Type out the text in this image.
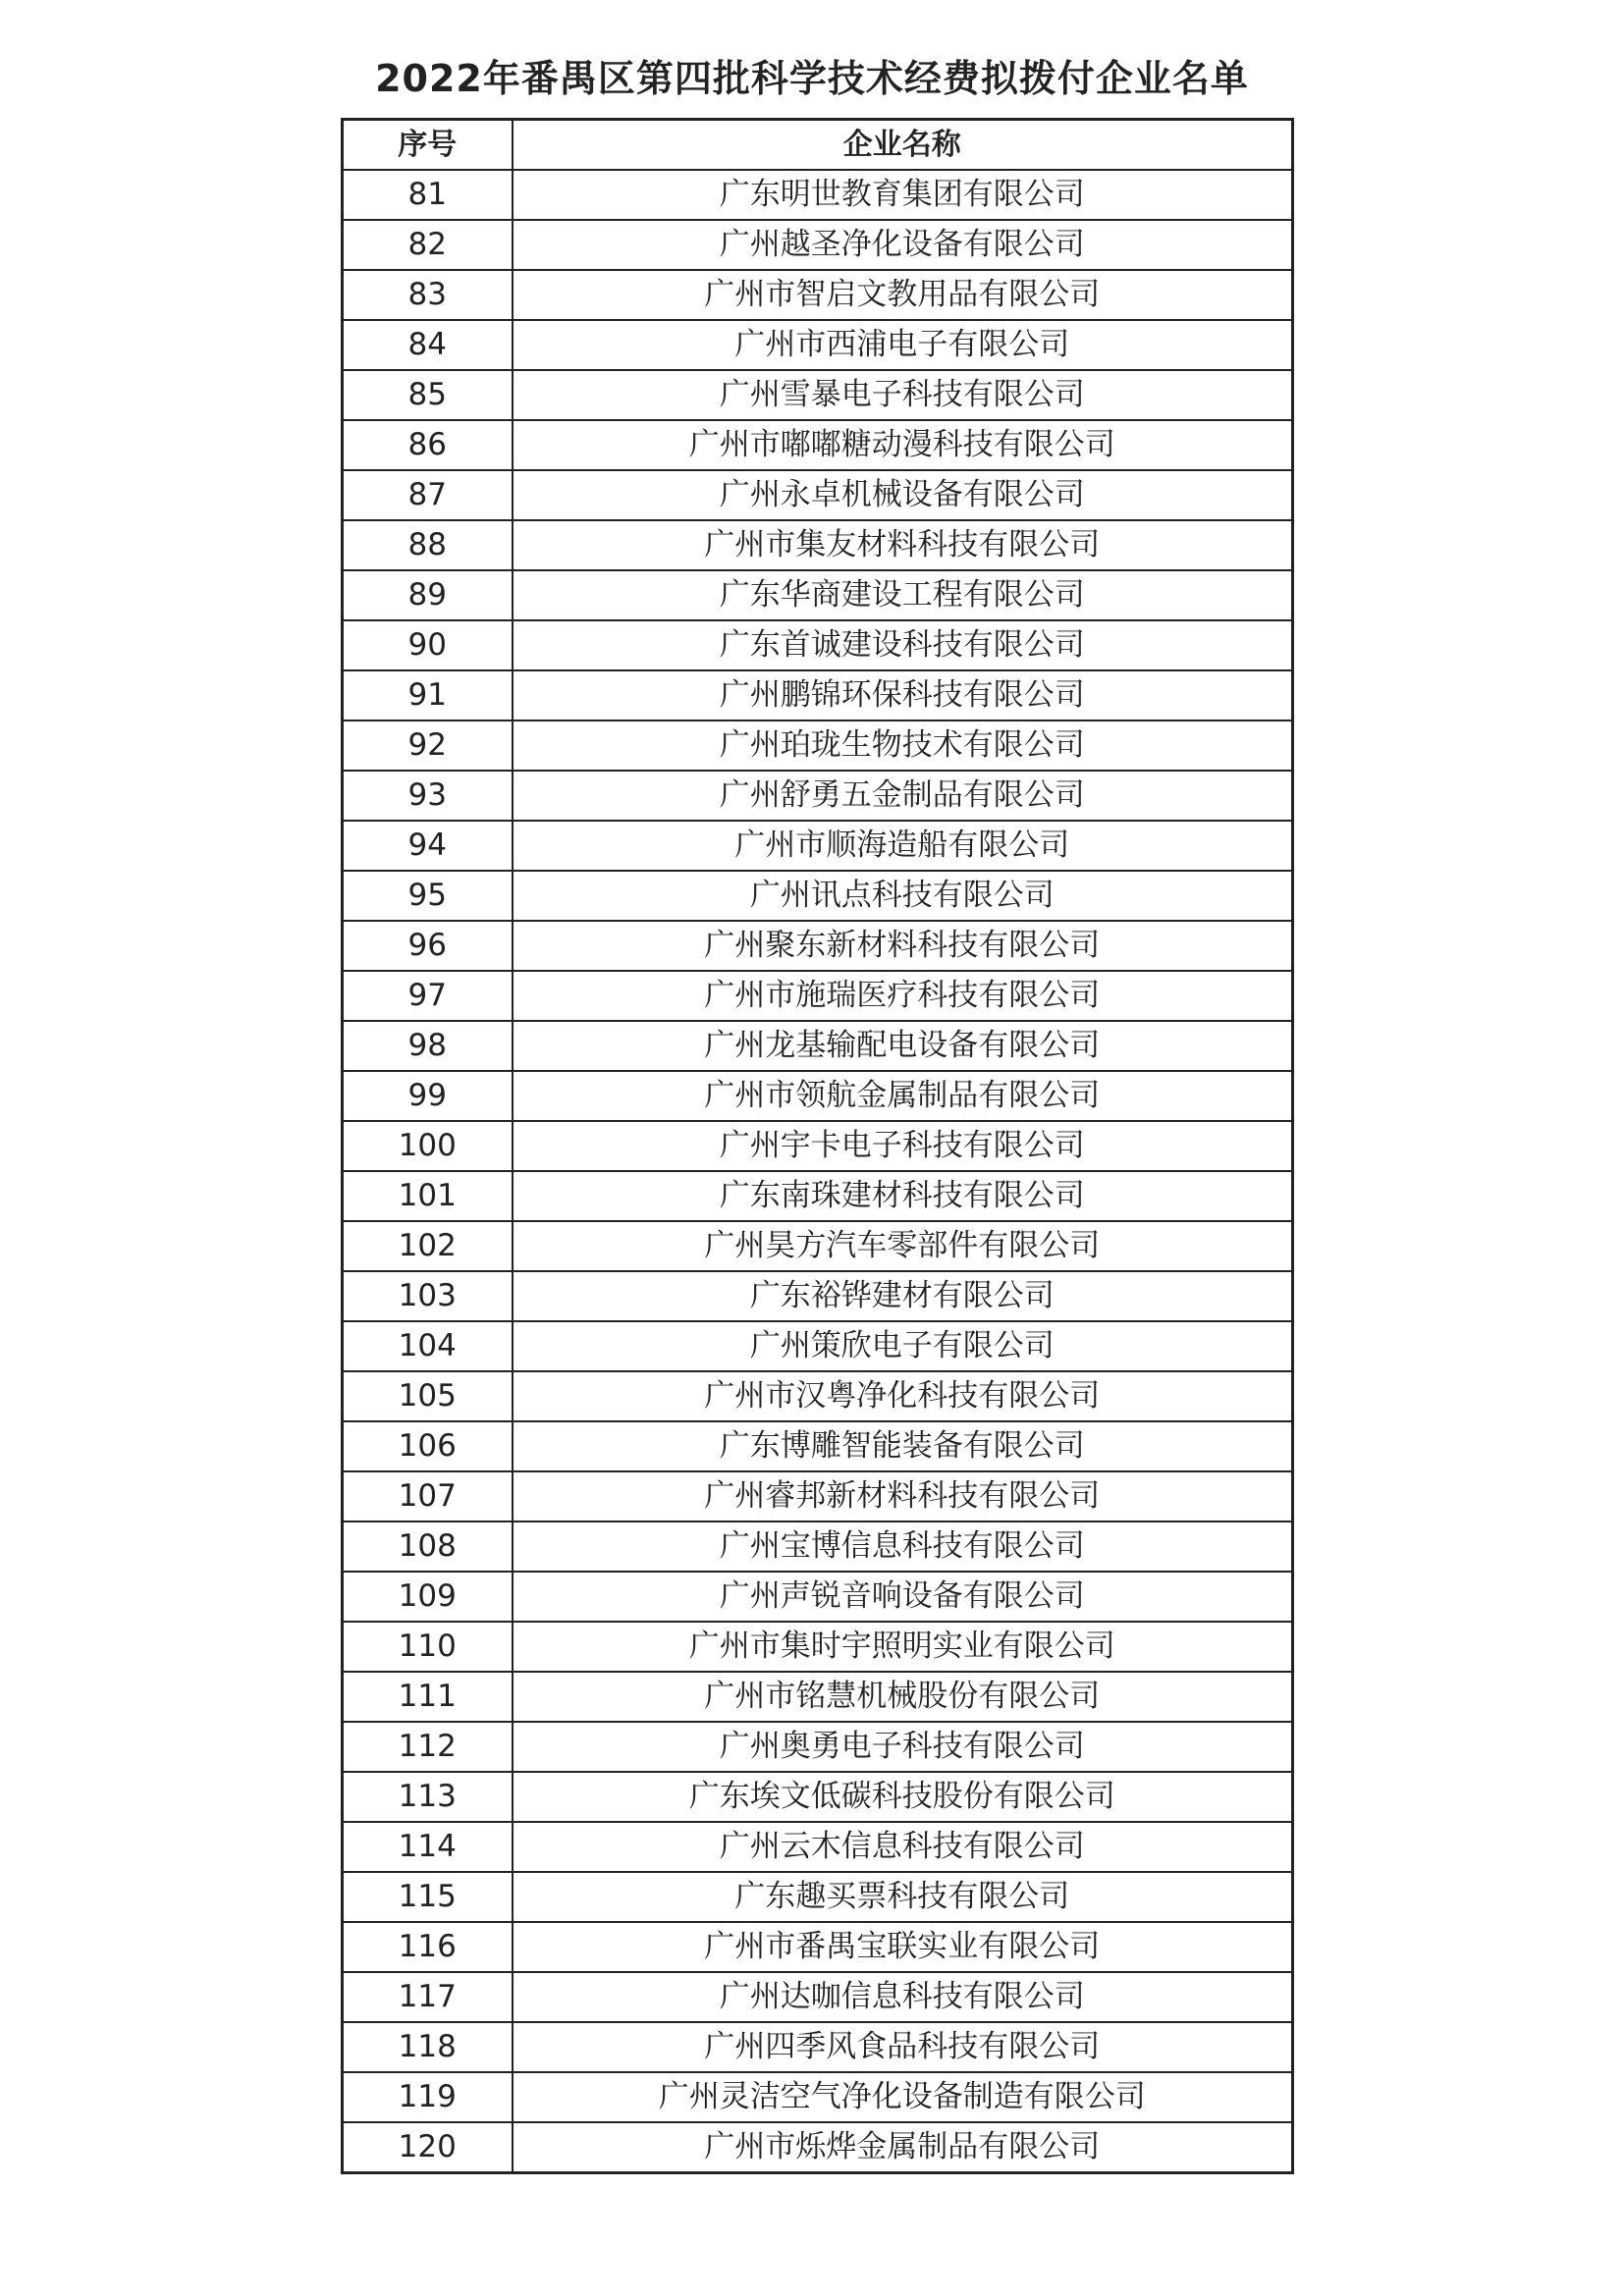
2022年番禺区第四批科学技术经费拟拨付企业名单
序号	企业名称
81	广东明世教育集团有限公司
82	广州越圣净化设备有限公司
83	广州市智启文教用品有限公司
84	广州市西浦电子有限公司
85	广州雪暴电子科技有限公司
86	广州市嘟嘟糖动漫科技有限公司
87	广州永卓机械设备有限公司
88	广州市集友材料科技有限公司
89	广东华商建设工程有限公司
90	广东首诚建设科技有限公司
91	广州鹏锦环保科技有限公司
92	广州珀珑生物技术有限公司
93	广州舒勇五金制品有限公司
94	广州市顺海造船有限公司
95	广州讯点科技有限公司
96	广州聚东新材料科技有限公司
97	广州市施瑞医疗科技有限公司
98	广州龙基输配电设备有限公司
99	广州市领航金属制品有限公司
100	广州宇卡电子科技有限公司
101	广东南珠建材科技有限公司
102	广州昊方汽车零部件有限公司
103	广东裕铧建材有限公司
104	广州策欣电子有限公司
105	广州市汉粤净化科技有限公司
106	广东博雕智能装备有限公司
107	广州睿邦新材料科技有限公司
108	广州宝博信息科技有限公司
109	广州声锐音响设备有限公司
110	广州市集时宇照明实业有限公司
111	广州市铭慧机械股份有限公司
112	广州奥勇电子科技有限公司
113	广东埃文低碳科技股份有限公司
114	广州云木信息科技有限公司
115	广东趣买票科技有限公司
116	广州市番禺宝联实业有限公司
117	广州达咖信息科技有限公司
118	广州四季风食品科技有限公司
119	广州灵洁空气净化设备制造有限公司
120	广州市烁烨金属制品有限公司
